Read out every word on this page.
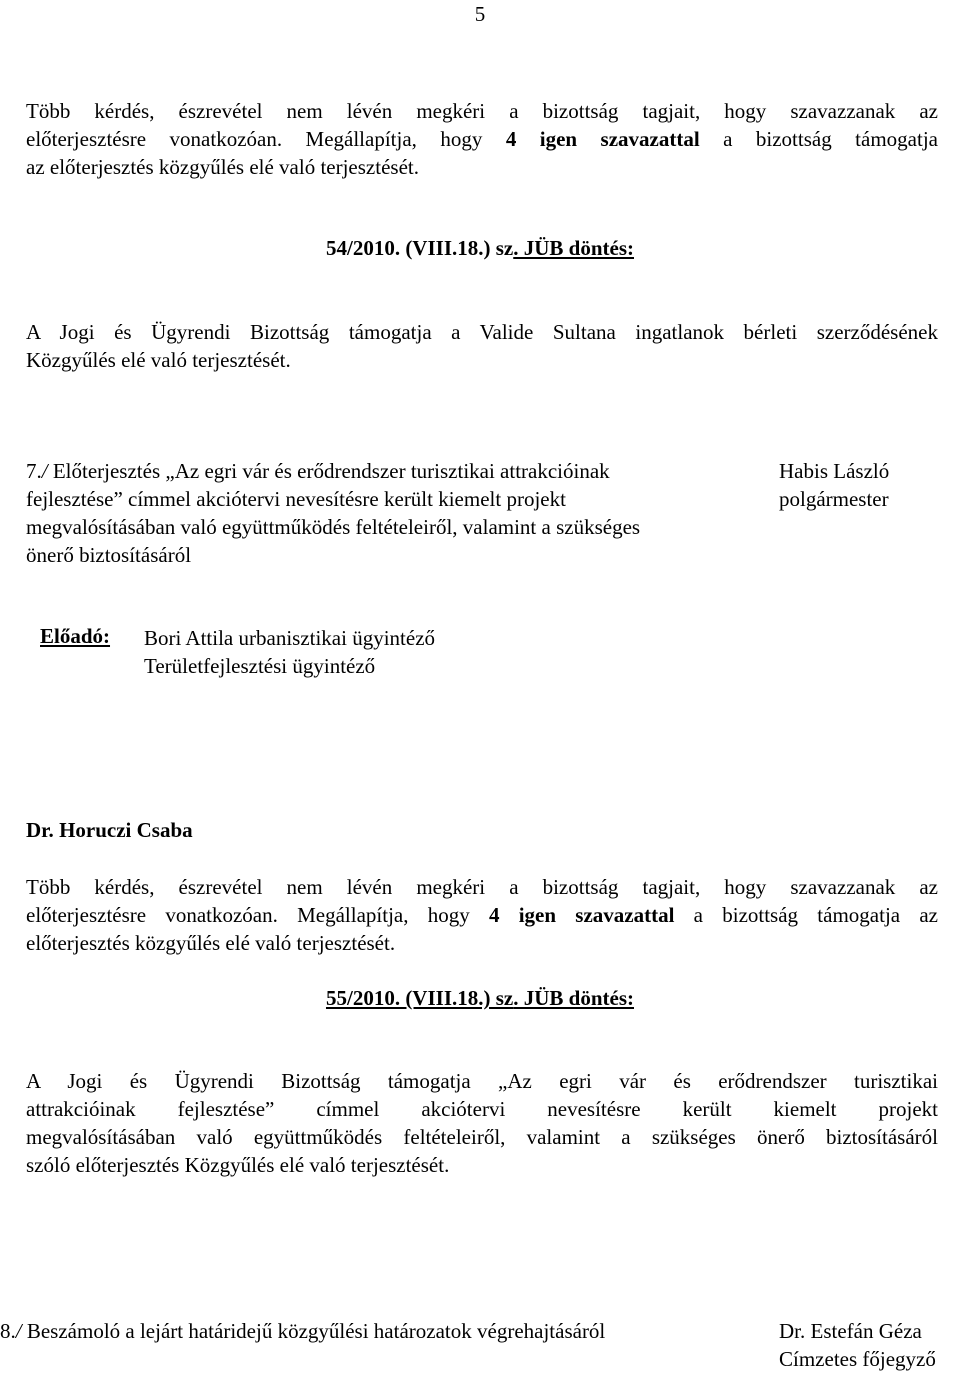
5
Több kérdés, észrevétel nem lévén megkéri a bizottság tagjait, hogy szavazzanak az
előterjesztésre vonatkozóan. Megállapítja, hogy 4 igen szavazattal a bizottság támogatja
az előterjesztés közgyűlés elé való terjesztését.
54/2010. (VIII.18.) sz. JÜB döntés:
A Jogi és Ügyrendi Bizottság támogatja a Valide Sultana ingatlanok bérleti szerződésének
Közgyűlés elé való terjesztését.
7./ Előterjesztés „Az egri vár és erődrendszer turisztikai attrakcióinak
fejlesztése” címmel akciótervi nevesítésre került kiemelt projekt
megvalósításában való együttműködés feltételeiről, valamint a szükséges
önerő biztosításáról
Habis László
polgármester
Előadó: Bori Attila urbanisztikai ügyintéző
Területfejlesztési ügyintéző
Dr. Horuczi Csaba
Több kérdés, észrevétel nem lévén megkéri a bizottság tagjait, hogy szavazzanak az
előterjesztésre vonatkozóan. Megállapítja, hogy 4 igen szavazattal a bizottság támogatja az
előterjesztés közgyűlés elé való terjesztését.
55/2010. (VIII.18.) sz. JÜB döntés:
A Jogi és Ügyrendi Bizottság támogatja „Az egri vár és erődrendszer turisztikai
attrakcióinak fejlesztése” címmel akciótervi nevesítésre került kiemelt projekt
megvalósításában való együttműködés feltételeiről, valamint a szükséges önerő biztosításáról
szóló előterjesztés Közgyűlés elé való terjesztését.
8./ Beszámoló a lejárt határidejű közgyűlési határozatok végrehajtásáról	Dr. Estefán Géza
Címzetes főjegyző
